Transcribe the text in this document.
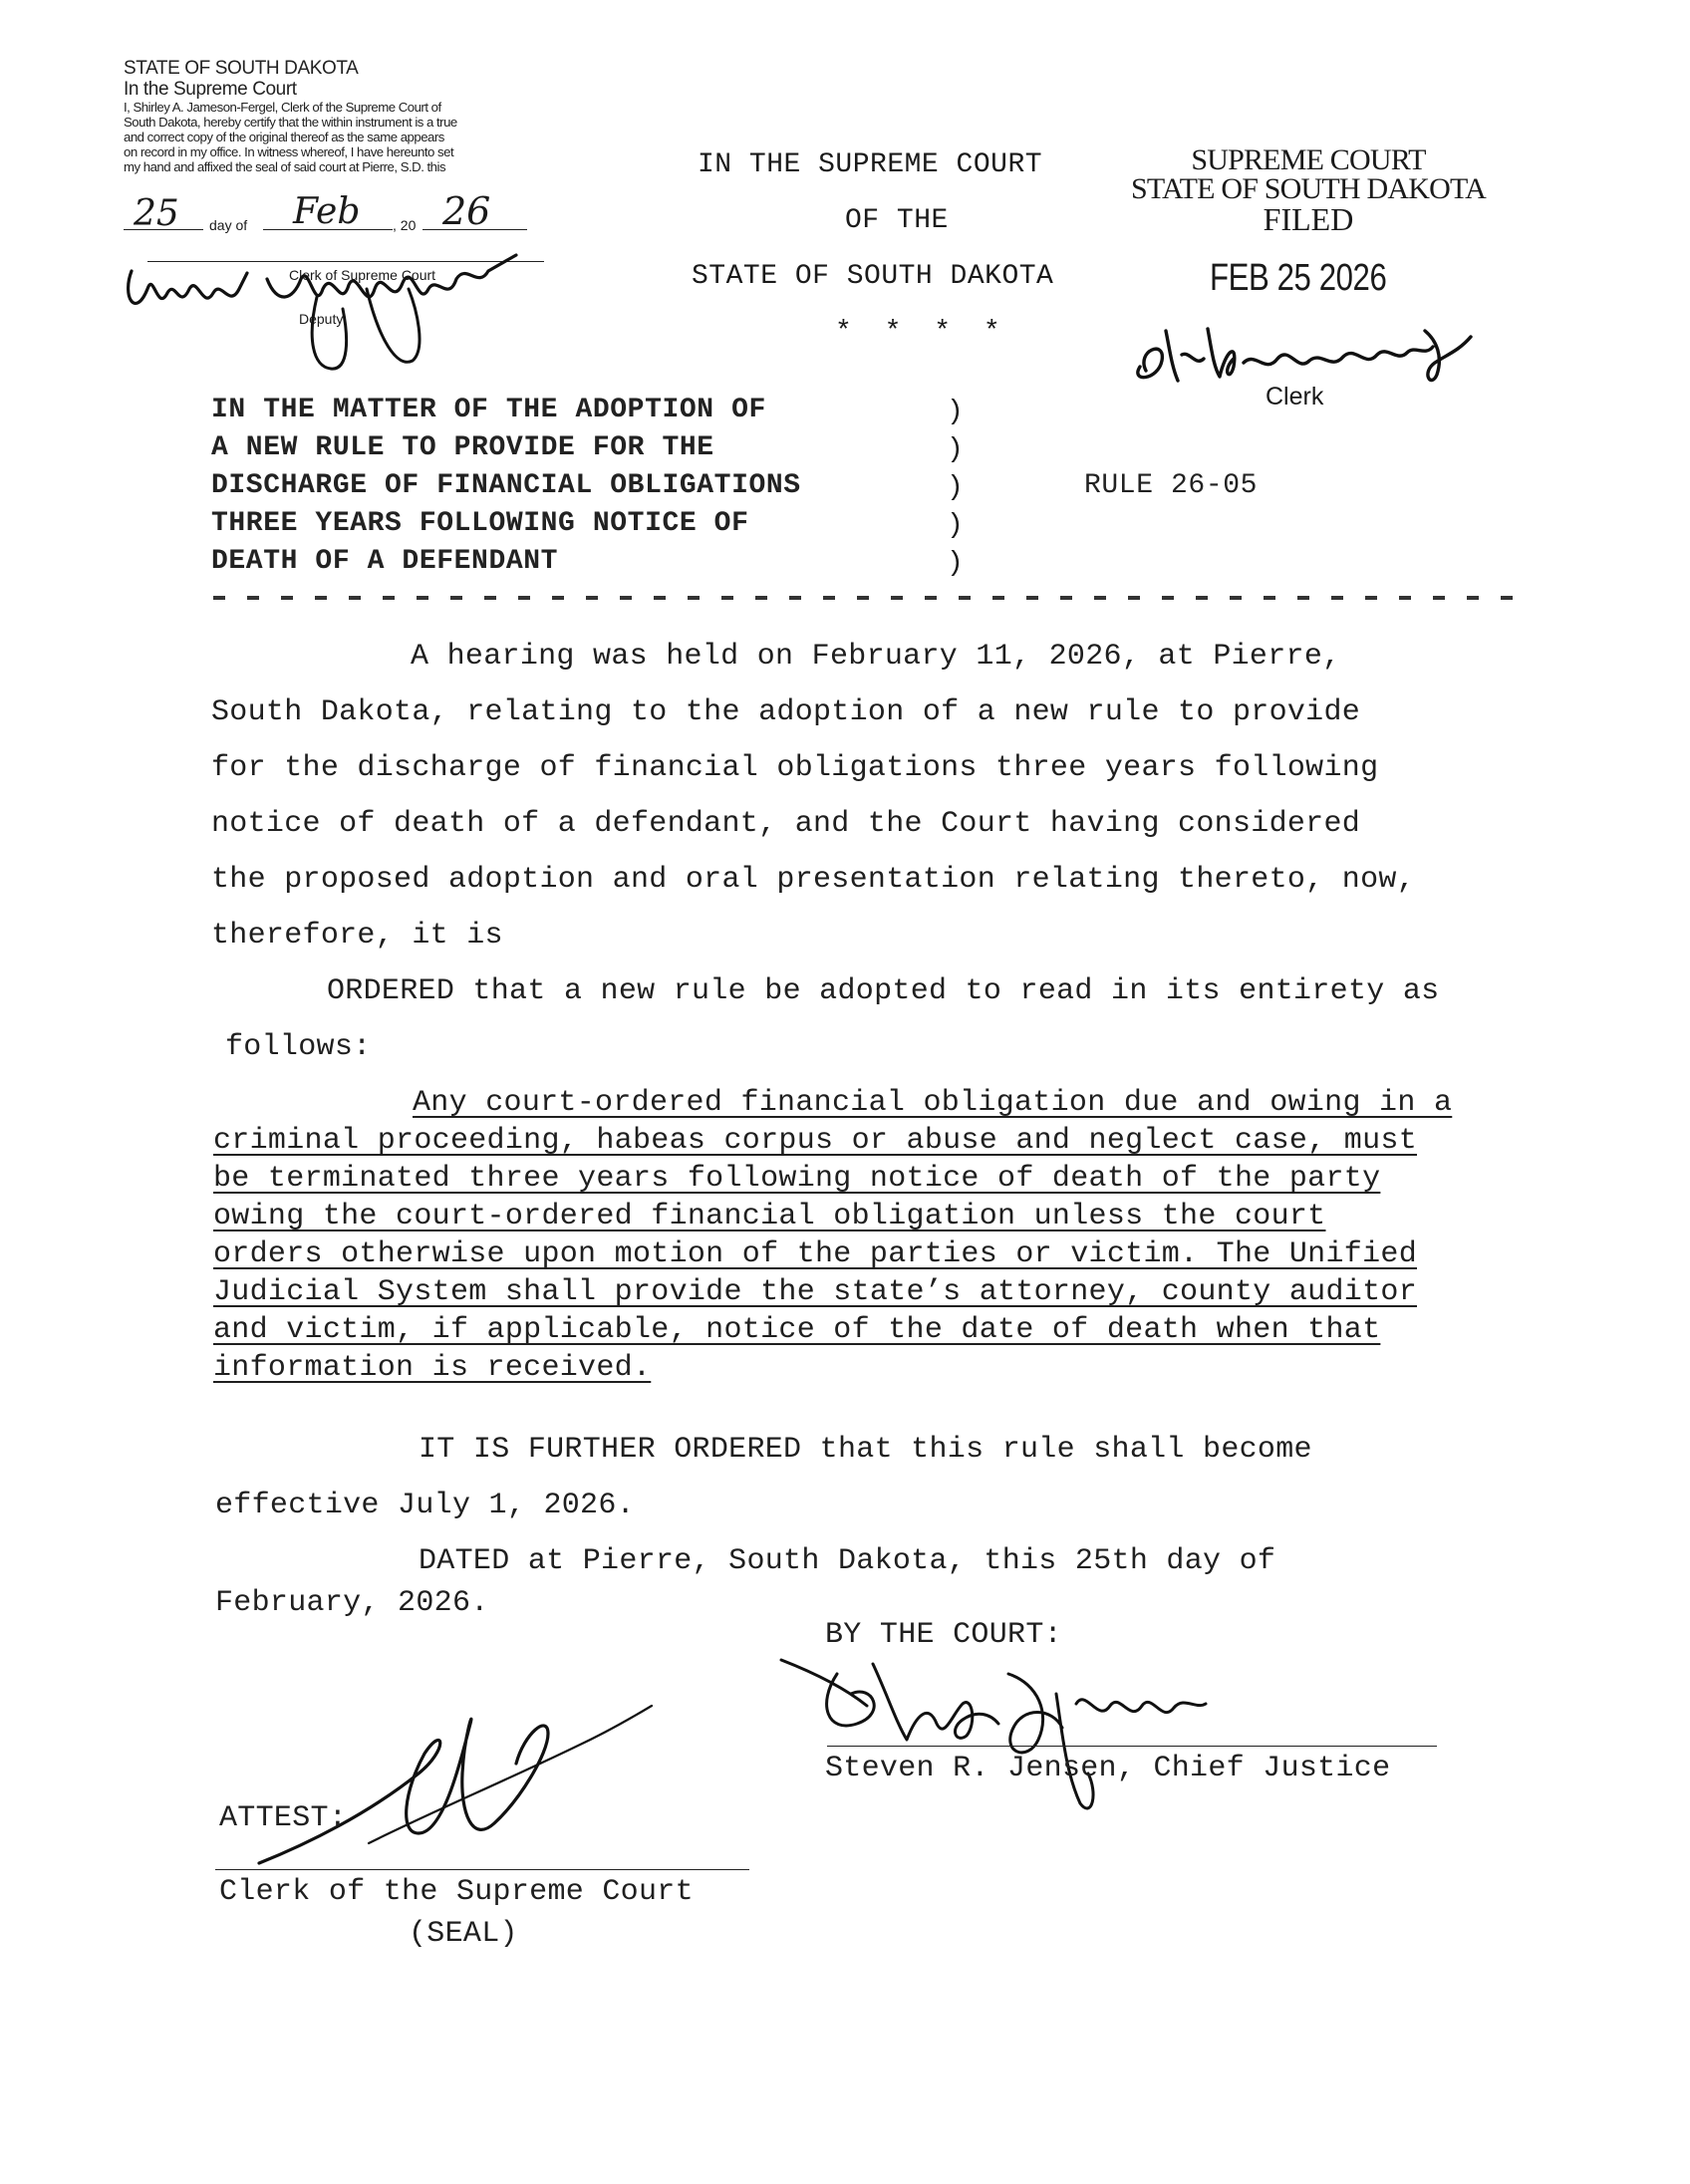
STATE OF SOUTH DAKOTA
In the Supreme Court
I, Shirley A. Jameson-Fergel, Clerk of the Supreme Court of
South Dakota, hereby certify that the within instrument is a true
and correct copy of the original thereof as the same appears
on record in my office. In witness whereof, I have hereunto set
my hand and affixed the seal of said court at Pierre, S.D. this
25 day of Feb , 20 26
Clerk of Supreme Court
Deputy
IN THE SUPREME COURT
OF THE
STATE OF SOUTH DAKOTA
* * * *
SUPREME COURT
STATE OF SOUTH DAKOTA
FILED
FEB 25 2026
Clerk
IN THE MATTER OF THE ADOPTION OF
A NEW RULE TO PROVIDE FOR THE
DISCHARGE OF FINANCIAL OBLIGATIONS
THREE YEARS FOLLOWING NOTICE OF
DEATH OF A DEFENDANT
)
)
)
)
)
RULE 26-05
A hearing was held on February 11, 2026, at Pierre,
South Dakota, relating to the adoption of a new rule to provide
for the discharge of financial obligations three years following
notice of death of a defendant, and the Court having considered
the proposed adoption and oral presentation relating thereto, now,
therefore, it is
ORDERED that a new rule be adopted to read in its entirety as
follows:
Any court-ordered financial obligation due and owing in a
criminal proceeding, habeas corpus or abuse and neglect case, must
be terminated three years following notice of death of the party
owing the court-ordered financial obligation unless the court
orders otherwise upon motion of the parties or victim. The Unified
Judicial System shall provide the state’s attorney, county auditor
and victim, if applicable, notice of the date of death when that
information is received.
IT IS FURTHER ORDERED that this rule shall become
effective July 1, 2026.
DATED at Pierre, South Dakota, this 25th day of
February, 2026.
BY THE COURT:
Steven R. Jensen, Chief Justice
ATTEST:
Clerk of the Supreme Court
(SEAL)
